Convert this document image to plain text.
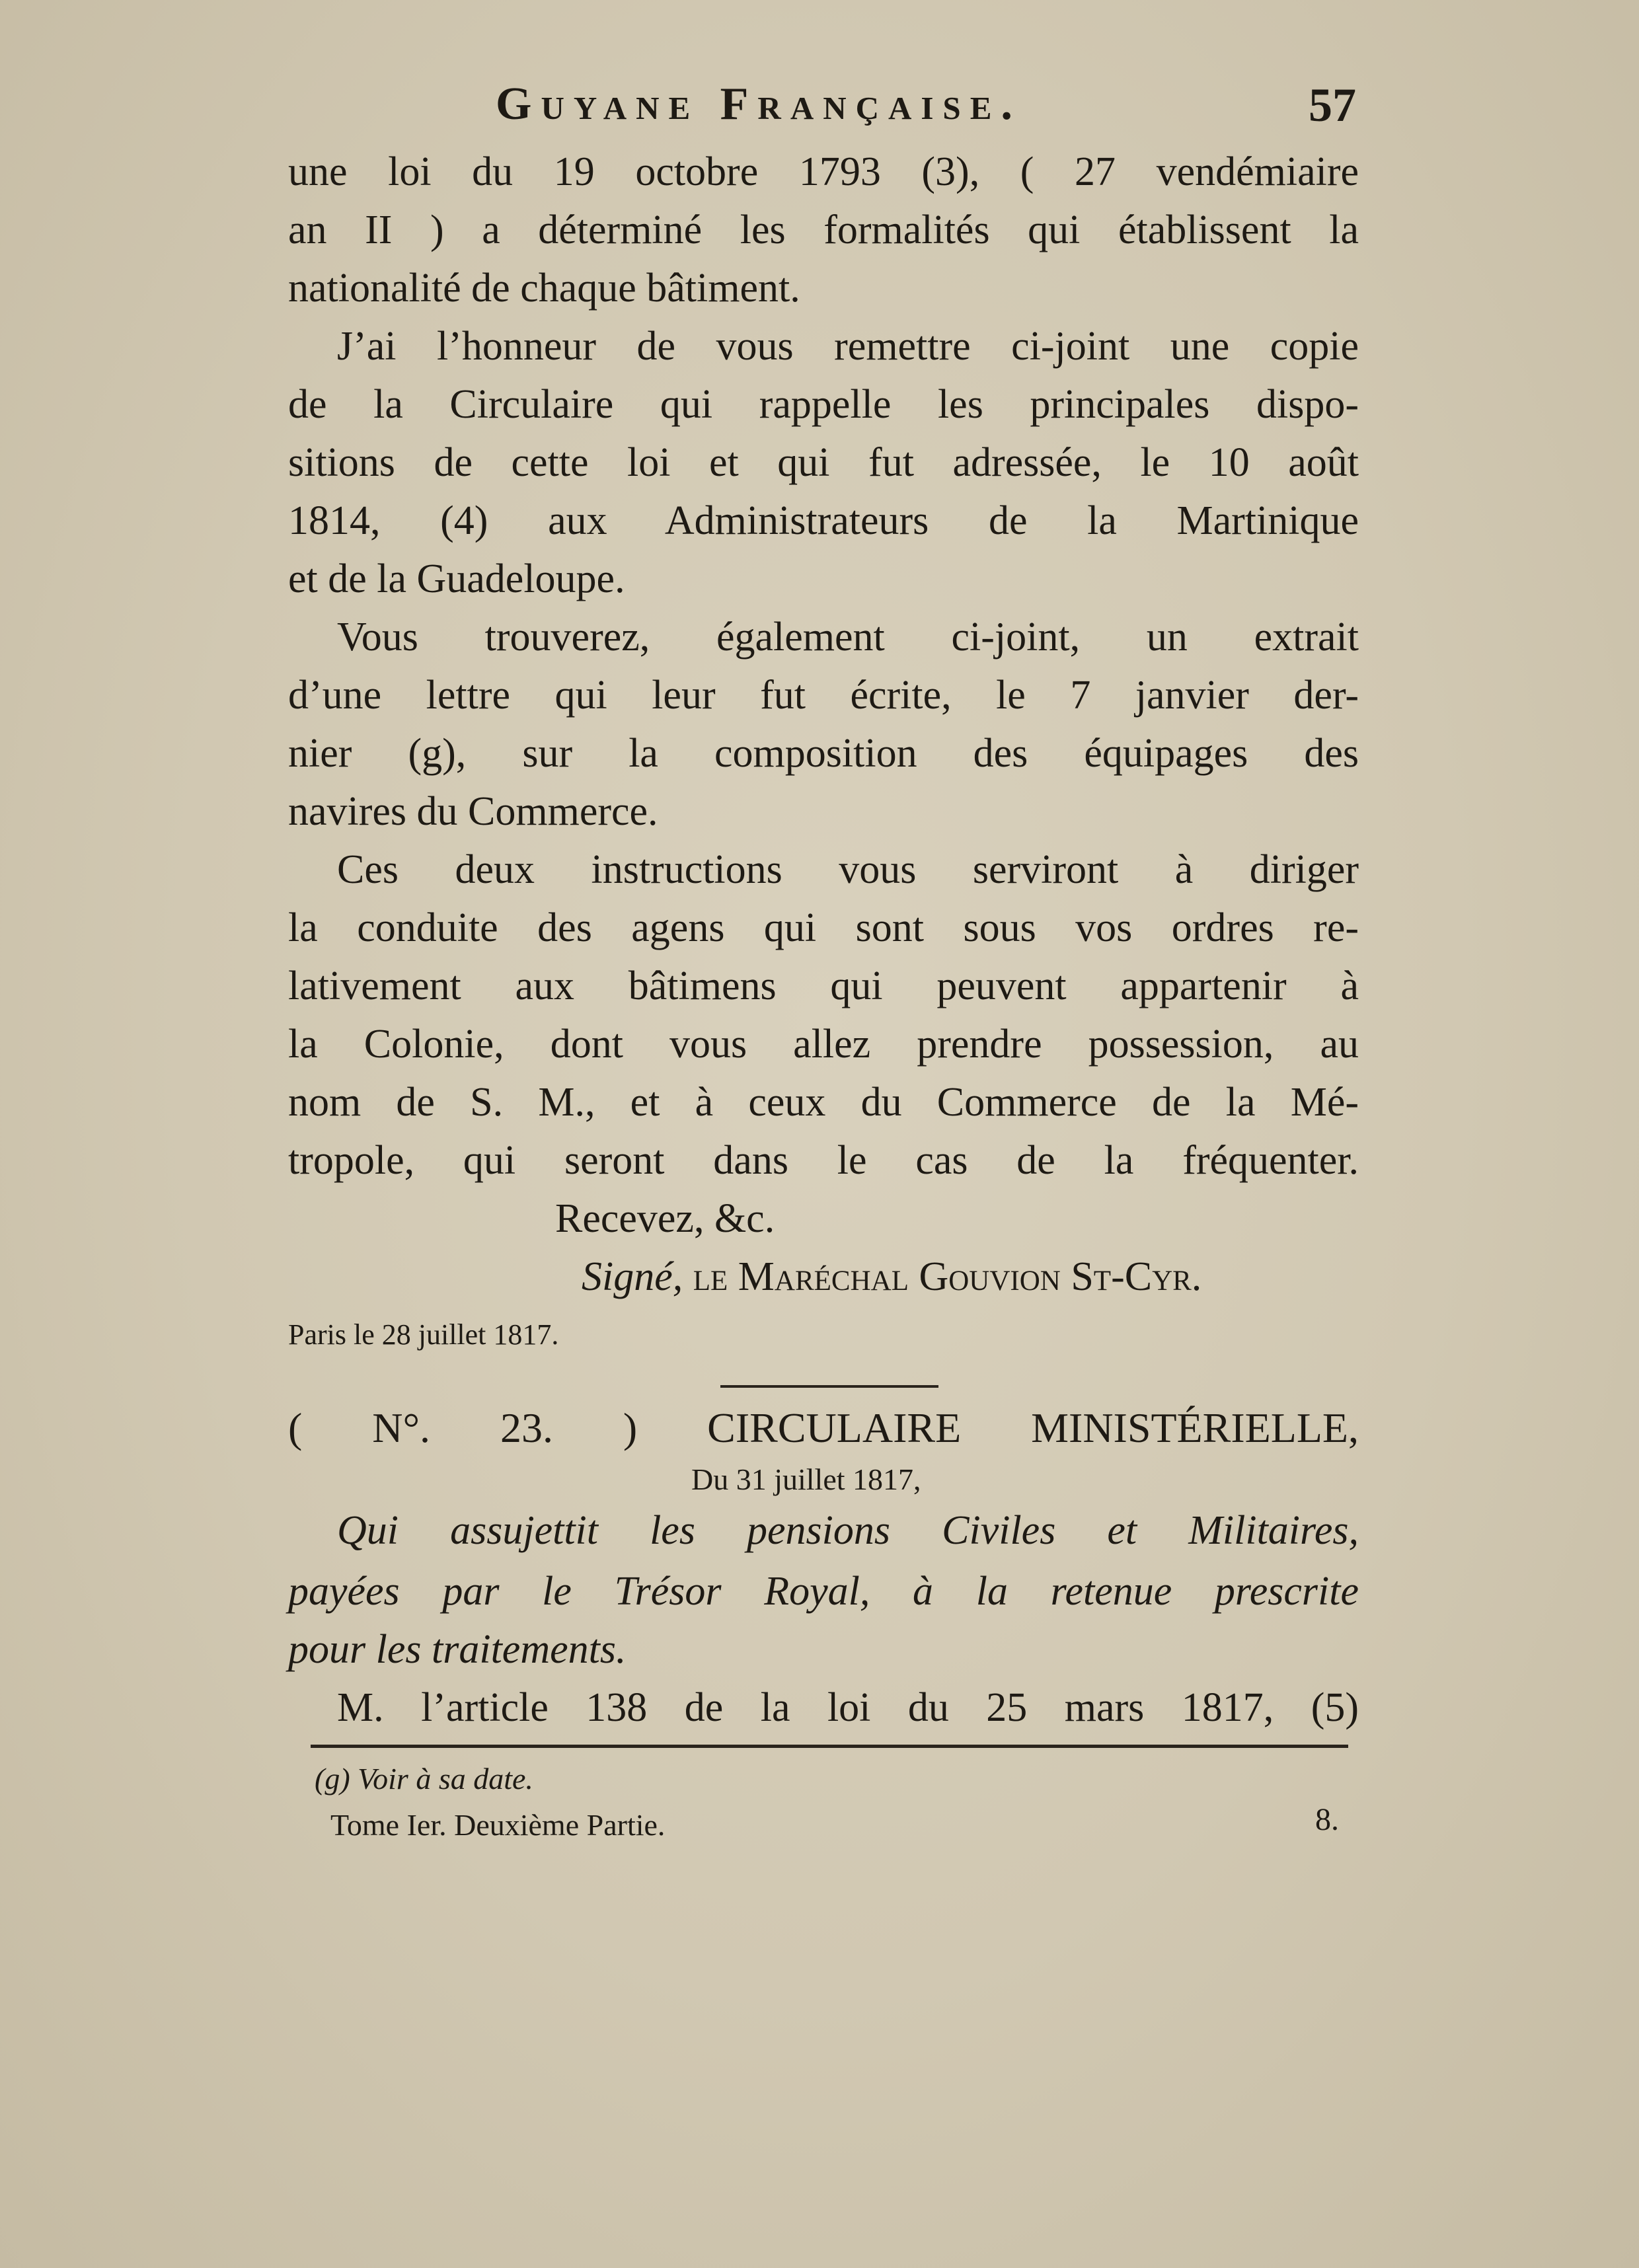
Guyane Française.	57
une loi du 19 octobre 1793 (3), ( 27 vendémiaire
an II ) a déterminé les formalités qui établissent la
nationalité de chaque bâtiment.
J’ai l’honneur de vous remettre ci-joint une copie
de la Circulaire qui rappelle les principales dispo-
sitions de cette loi et qui fut adressée, le 10 août
1814, (4) aux Administrateurs de la Martinique
et de la Guadeloupe.
Vous trouverez, également ci-joint, un extrait
d’une lettre qui leur fut écrite, le 7 janvier der-
nier (g), sur la composition des équipages des
navires du Commerce.
Ces deux instructions vous serviront à diriger
la conduite des agens qui sont sous vos ordres re-
lativement aux bâtimens qui peuvent appartenir à
la Colonie, dont vous allez prendre possession, au
nom de S. M., et à ceux du Commerce de la Mé-
tropole, qui seront dans le cas de la fréquenter.
Recevez, &c.
Signé, le Maréchal Gouvion St-Cyr.
Paris le 28 juillet 1817.
( N°. 23. ) CIRCULAIRE MINISTÉRIELLE,
Du 31 juillet 1817,
Qui assujettit les pensions Civiles et Militaires,
payées par le Trésor Royal, à la retenue prescrite
pour les traitements.
M. l’article 138 de la loi du 25 mars 1817, (5)
(g) Voir à sa date.
Tome Ier. Deuxième Partie.	8.
